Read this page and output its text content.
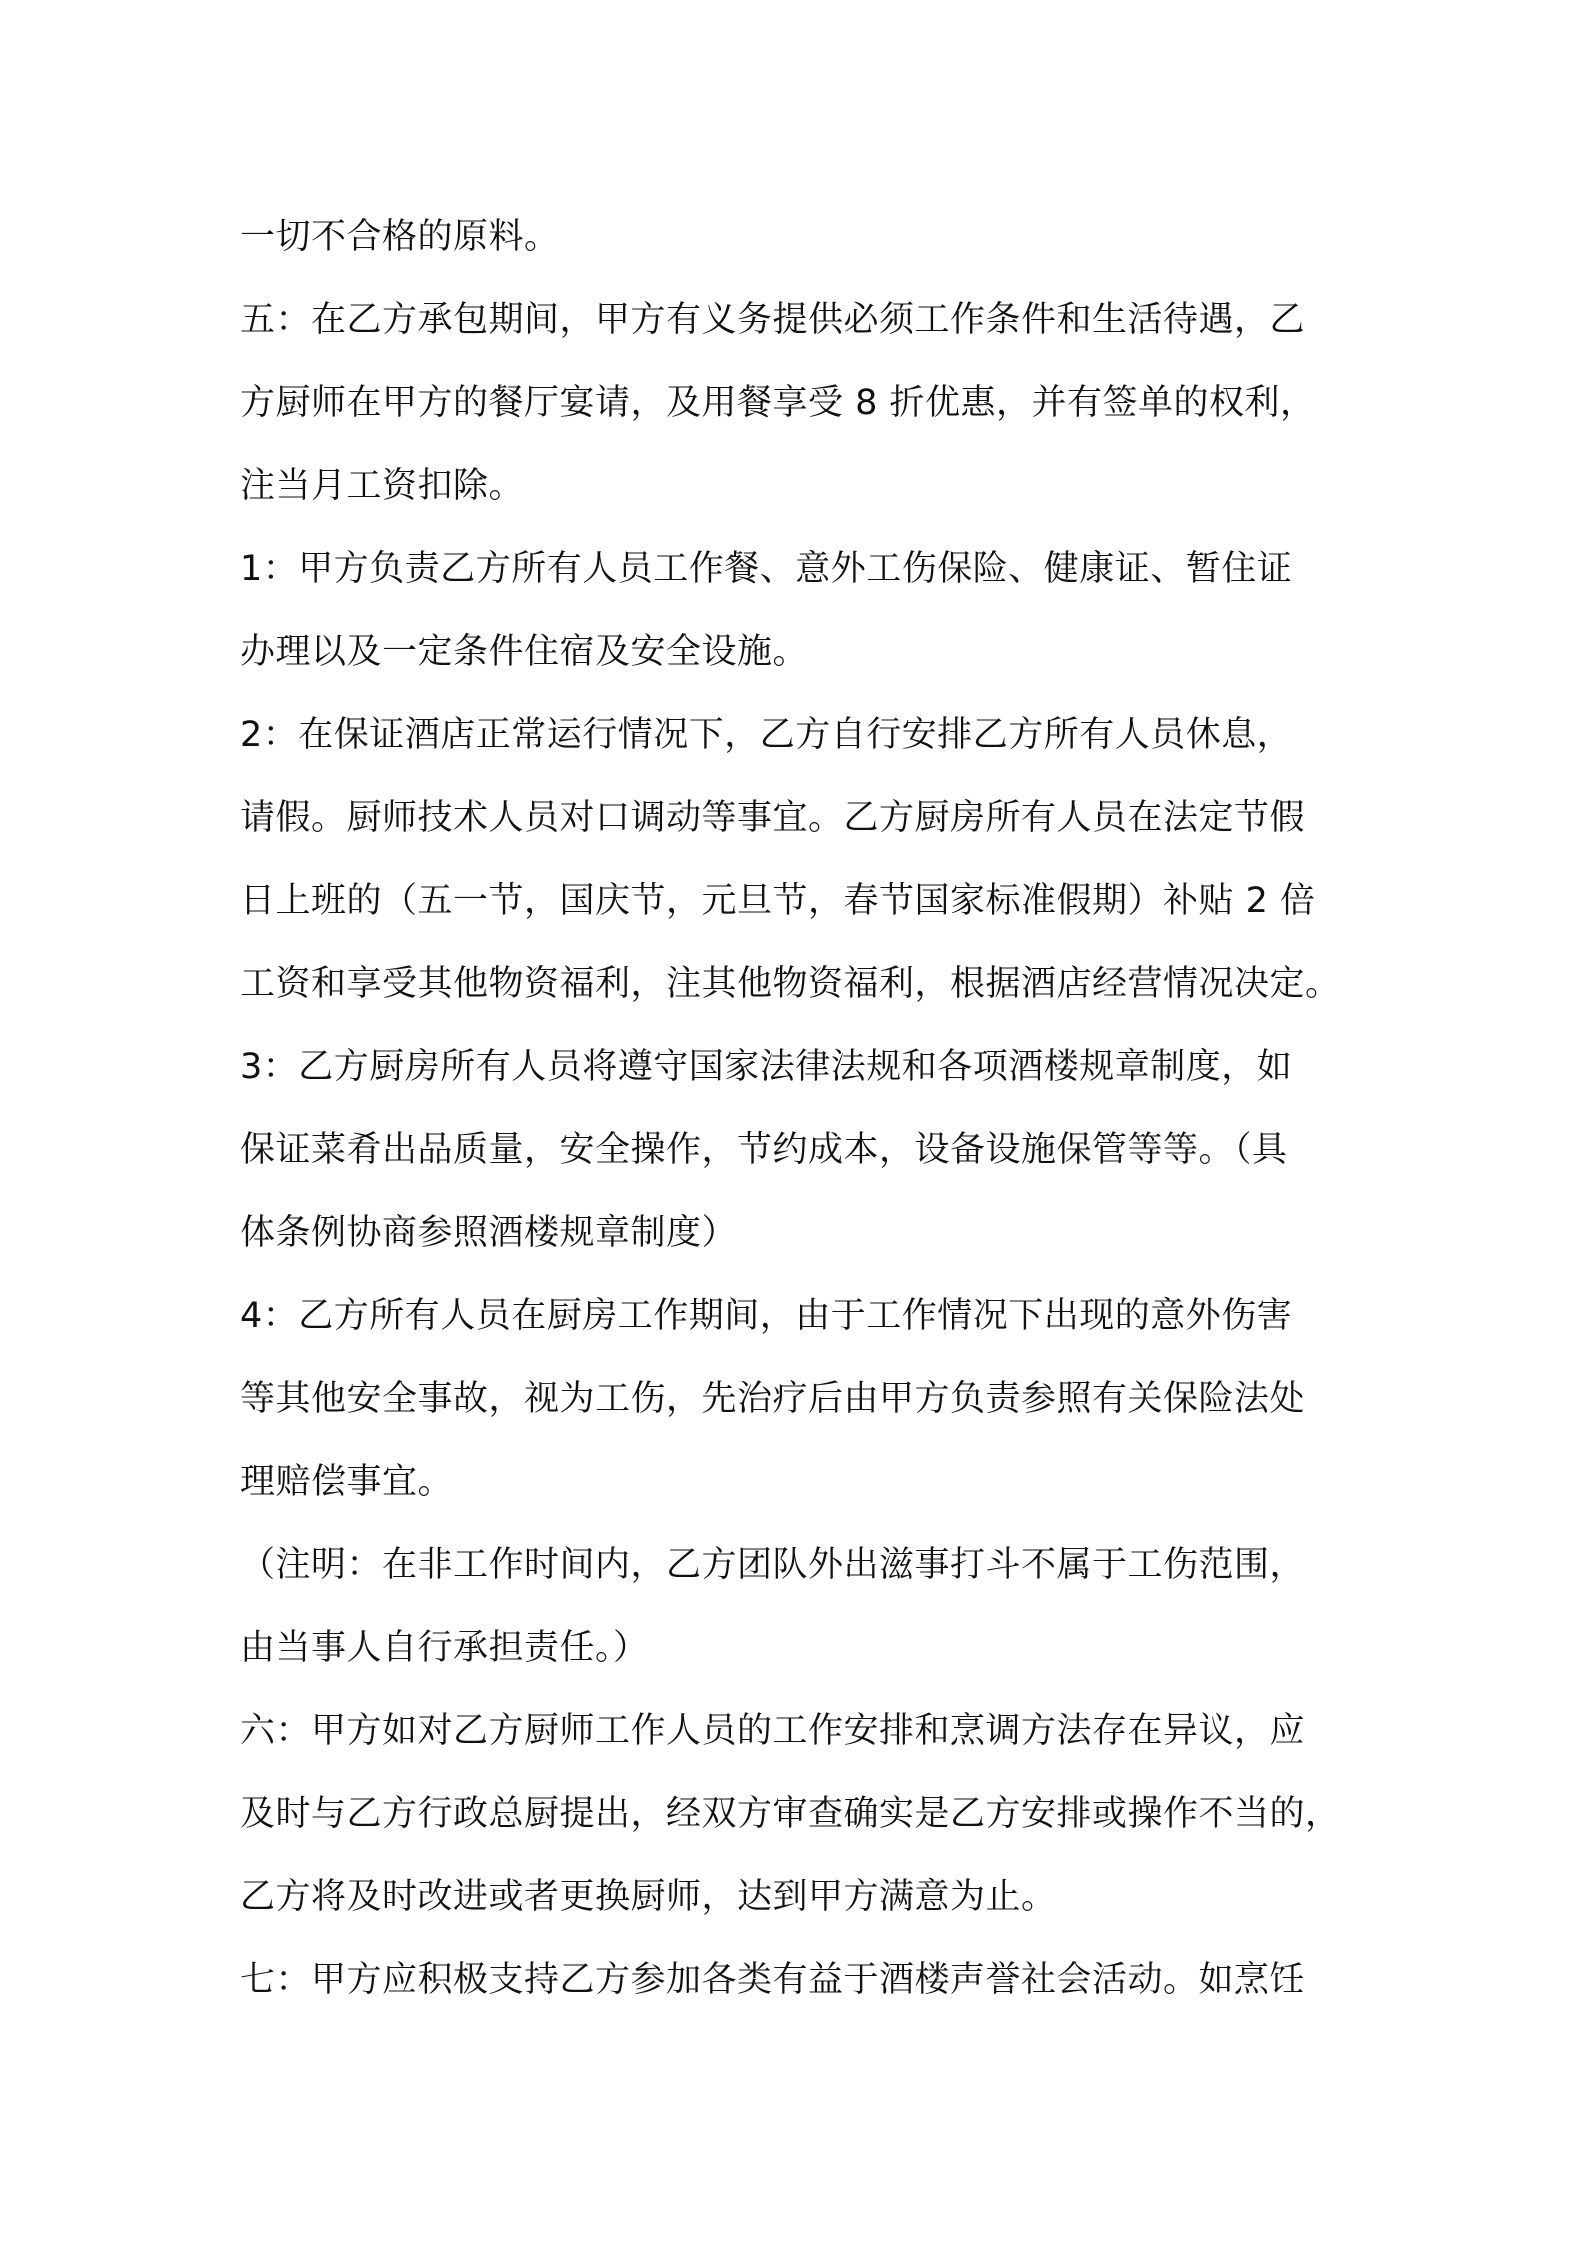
一切不合格的原料。
五：在乙方承包期间，甲方有义务提供必须工作条件和生活待遇，乙
方厨师在甲方的餐厅宴请，及用餐享受 8 折优惠，并有签单的权利，
注当月工资扣除。
1：甲方负责乙方所有人员工作餐、意外工伤保险、健康证、暂住证
办理以及一定条件住宿及安全设施。
2：在保证酒店正常运行情况下，乙方自行安排乙方所有人员休息，
请假。厨师技术人员对口调动等事宜。乙方厨房所有人员在法定节假
日上班的（五一节，国庆节，元旦节，春节国家标准假期）补贴 2 倍
工资和享受其他物资福利，注其他物资福利，根据酒店经营情况决定。
3：乙方厨房所有人员将遵守国家法律法规和各项酒楼规章制度，如
保证菜肴出品质量，安全操作，节约成本，设备设施保管等等。（具
体条例协商参照酒楼规章制度）
4：乙方所有人员在厨房工作期间，由于工作情况下出现的意外伤害
等其他安全事故，视为工伤，先治疗后由甲方负责参照有关保险法处
理赔偿事宜。
（注明：在非工作时间内，乙方团队外出滋事打斗不属于工伤范围，
由当事人自行承担责任。）
六：甲方如对乙方厨师工作人员的工作安排和烹调方法存在异议，应
及时与乙方行政总厨提出，经双方审查确实是乙方安排或操作不当的，
乙方将及时改进或者更换厨师，达到甲方满意为止。
七：甲方应积极支持乙方参加各类有益于酒楼声誉社会活动。如烹饪
